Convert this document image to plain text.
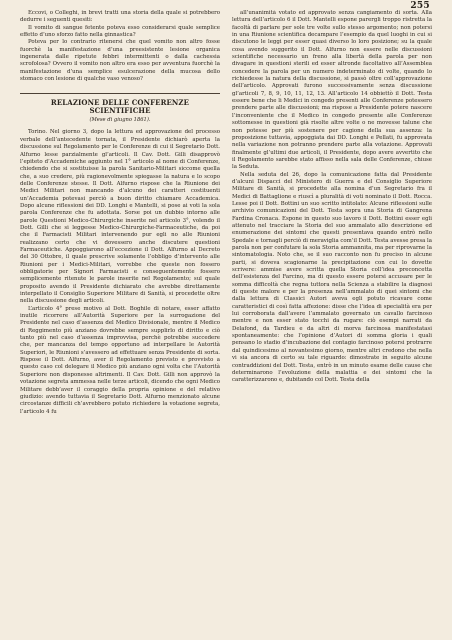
255

Eccovi, o Colleghi, in brevi tratti una storia della quale si potrebbero dedurre i seguenti quesiti:

Il vomito di sangue fetente poteva esso considerarsi quale semplice effetto d’uno sforzo fatto nella ginnastica?

Poteva per lo contrario ritenersi che quel vomito non altro fosse fuorchè la manifestazione d’una preesistente lesione organica ingenerata dalle ripetute febbri intermittenti o dalla cachessia scrofolosa? Ovvero il vomito non altro era esso per avventura fuorchè la manifestazione d’una semplice esulcerazione della mucosa dello stomaco con lesione di qualche vaso venoso?

RELAZIONE DELLE CONFERENZE SCIENTIFICHE
(Mese di giugno 1861).

Torino. Nel giorno 3, dopo la lettura ed approvazione del processo verbale dell’antecedente tornata, il Presidente dichiarò aperta la discussione sul Regolamento per le Conferenze di cui il Segretario Dott. Alfurno lesse parzialmente gl’articoli. Il Cav. Dott. Gilli disapprovò l’epiteto d’Accademiche aggiunto nel 1° articolo al nome di Conferenze, chiedendo che si sostituisse la parola Sanitario-Militari siccome quella che, a suo credere, più ragionevolmente spiegasse la natura e lo scopo delle Conferenze stesse. Il Dott. Alfurno rispose che la Riunione dei Medici Militari non mancando d’alcuno dei caratteri costituenti un’Accademia potevasi perciò a buon diritto chiamare Accademica. Dopo alcune riflessioni dei DD. Longhi e Mantelli, si pose ai voti la sola parola Conferenze che fu adottata. Sorse poi un dubbio intorno alle parole Questioni Medico-Chirurgiche inserite nel articolo 3°, volendo il Dott. Gilli che si leggesse Medico-Chirurgiche-Farmaceutiche, da poi che il Farmacisti Militari intervenendo pur egli no alle Riunioni realizzano certo che vi dovessero anche discutere questioni Farmaceutiche. Appoggiarono all’eccezione il Dott. Alfurno al Decreto del 30 Ottobre, il quale prescrive solamente l’obbligo d’intervento alle Riunioni per i Medici-Militari, vorrebbe che queste non fossero obbligatorie per Signori Farmacisti e conseguentemente fossero semplicemente ritenute le parole inserite nel Regolamento; sul quale proposito avendo il Presidente dichiarato che avrebbe direttamente interpellato il Consiglio Superiore Militare di Sanità, si procedette oltre nella discussione degli articoli.

L’articolo 4° prese motivo al Dott. Boghile di notare, esser affatto inutile ricorrere all’Autorità Superiore per la surrogazione del Presidente nel caso d’assenza del Medico Divisionale, mentre il Medico di Reggimento più anziano dovrebbe sempre supplirlo di diritto e ciò tanto più nel caso d’assenza improvvisa, perchè potrebbe succedere che, per mancanza del tempo opportuno ad interpellare le Autorità Superiori, le Riunioni s’avessero ad effettuare senza Presidente di sorta. Rispose il Dott. Alfurno, aver il Regolamento previsto e provvisto a questo caso col delegare il Medico più anziano ogni volta che l’Autorità Superiore non disponesse altrimenti. Il Cav. Dott. Gilli non approvò la votazione segreta ammessa nelle terze articoli, dicendo che ogni Medico Militare debb’aver il coraggio della propria opinione e del relativo giudizio: avendo tuttavia il Segretario Dott. Alfurno menzionato alcune circostanze difficili ch’avrebbero potuto richiedere la votazione segreta, l’articolo 4 fu

all’unanimità votato ed approvato senza cangiamento di sorta. Alla lettura dell’articolo 6 il Dott. Mantelli espone parergli troppo ristretta la facoltà di parlare per sole tre volte sullo stesso argomento; non potersi in una Riunione scientifica decampare l’esempio da quel luoghi in cui si discutono le leggi per esser quasi diverso lo loro posizione; su la quale cosa avendo suggerito il Dott. Alfurno non essere nelle discussioni scientifiche necessario un freno alla libertà della parola per non divagare in questioni sterili ed esser altronde facoltativo all’Assemblea concedere la parola per un numero indeterminato di volte, quando lo richiedesse la natura della discussione, si passò oltre coll’approvazione dell’articolo. Approvati furono successivamente senza discussione gl’articoli 7, 8, 9, 10, 11, 12, 13. All’articolo 14 obbiettò il Dott. Testa essere bene che li Medici in congedo presenti alle Conferenze potessero prendere parte alle discussioni; ma rispose a Presidente potere nascere l’inconveniente che il Medico in congedo presente alle Conferenze sottomesse in questioni già risolte altre volte o ne movesse talune che non potesse per più sostenere per cagione della sua assenza: la proposizione tuttavia, appoggiata dai DD. Longhi e Pellati, fu approvata nella variazione non potranno prendere parte alla votazione. Approvati finalmente gl’ultimi due articoli, il Presidente, dopo avere avvertito che il Regolamento sarebbe stato affisso nella sala delle Conferenze, chiuse la Seduta.

Nella seduta del 26, dopo la comunicazione fatta dal Presidente d’alcuni Dispacci del Ministero di Guerra e del Consiglio Superiore Militare di Sanità, si procedette alla nomina d’un Segretario fra il Medici di Battaglione e riuscì a pluralità di voti nominato il Dott. Rocca. Lesse poi il Dott. Bottini un suo scritto intitolato: Alcune riflessioni sulle archivio comunicazioni del Dott. Testa sopra una Storia di Gangrena Fardina Cronaca. Espone in questo suo lavoro il Dott. Bottini esser egli attenuto nel tracciare la Storia del suo ammalato allo descrizione ed enumerazione dei sintomi che questi presentava quando entrò nello Spedale e tornagli perciò di meraviglia com’il Dott. Testa avesse presa la parola non per confutare la sola Storia ammannita, ma per riprovarne la sintomatologia. Noto che, se il suo racconto non fu preciso in alcune parti, si doveva scagionarne la precipitazione con cui lo dovette scrivere: ammise avere scritta quella Storia coll’idea preconcetta dell’esistenza del Farcino, ma di questo essere potersi accusare per le somma difficoltà che regna tuttora nella Scienza a stabilire la diagnosi di queste malore e per la presenza nell’ammalato di quei sintomi che dalla lettura di Classici Autori aveva egli potuto ricavare come caratteristici di così fatta affezione: disse che l’idea di specialità era per lui corroborata dall’avere l’ammalato governato un cavallo farcinoso mentre e non esser stato tocchi da rugare: ciò esempi narrati da Delafond, da Tardieu e da altri di morva farcinosa manifestatasi spontaneamente: che l’opinione d’Autori di somma gloria i quali pensano lo stadio d’incubazione del contagio farcinoso potersi protrarre dal quindicesimo al novantesimo giorno, mentre altri credono che nella vi sia ancora di certo su tale riguardo: dimostrate in seguito alcune contraddizioni del Dott. Testa, entrò in un minuto esame delle cause che determinarono l’evoluzione della malattia e dei sintomi che la caratterizzarono e, dubitando col Dott. Testa della
